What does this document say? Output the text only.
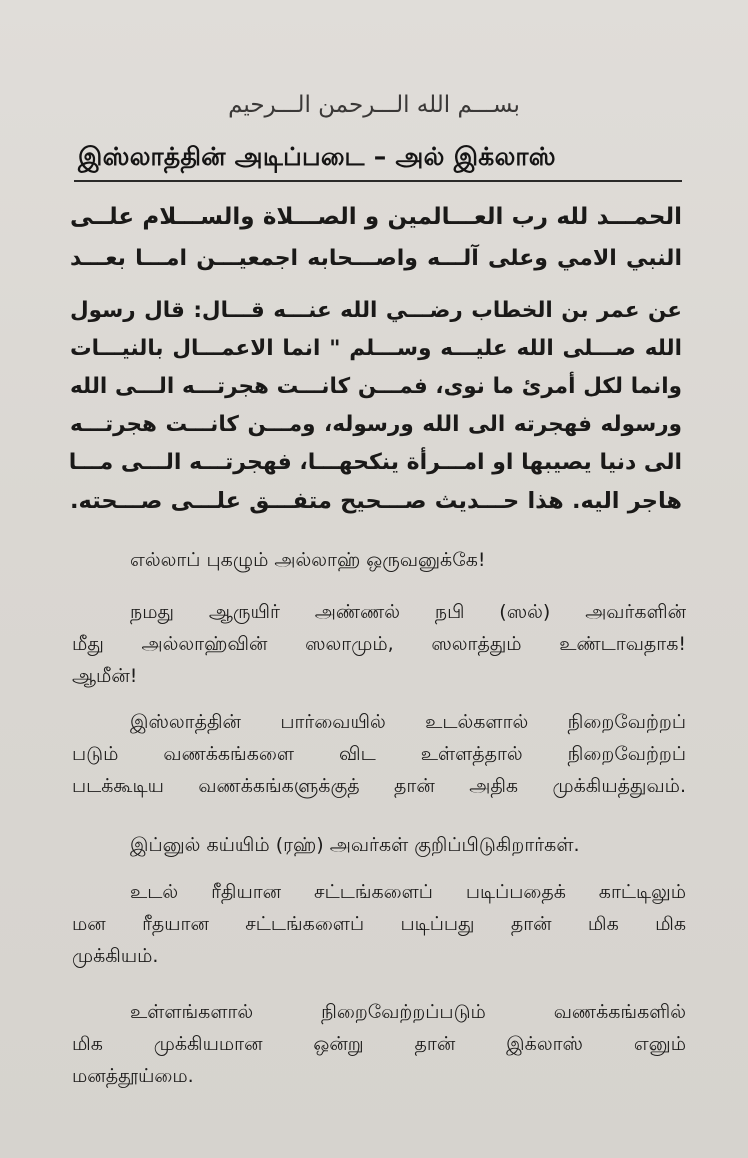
بســـم الله الـــرحمن الـــرحيم
இஸ்லாத்தின் அடிப்படை – அல் இக்லாஸ்
الحمـــد لله رب العـــالمين و الصـــلاة والســـلام علــى
النبي الامي وعلى آلـــه واصـــحابه اجمعيـــن امـــا بعـــد
عن عمر بن الخطاب رضـــي الله عنـــه قـــال: قال رسول
الله صـــلى الله عليـــه وســـلم " انما الاعمـــال بالنيـــات
وانما لكل أمرئ ما نوى، فمـــن كانـــت هجرتـــه الـــى الله
ورسوله فهجرته الى الله ورسوله، ومـــن كانـــت هجرتـــه
الى دنيا يصيبها او امـــرأة ينكحهـــا، فهجرتـــه الـــى مـــا
هاجر اليه. هذا حـــديث صـــحيح متفـــق علـــى صـــحته.
எல்லாப் புகழும் அல்லாஹ் ஒருவனுக்கே!
நமது ஆருயிர் அண்ணல் நபி (ஸல்) அவர்களின்
மீது அல்லாஹ்வின் ஸலாமும், ஸலாத்தும் உண்டாவதாக!
ஆமீன்!
இஸ்லாத்தின் பார்வையில் உடல்களால் நிறைவேற்றப்
படும் வணக்கங்களை விட உள்ளத்தால் நிறைவேற்றப்
படக்கூடிய வணக்கங்களுக்குத் தான் அதிக முக்கியத்துவம்.
இப்னுல் கய்யிம் (ரஹ்) அவர்கள் குறிப்பிடுகிறார்கள்.
உடல் ரீதியான சட்டங்களைப் படிப்பதைக் காட்டிலும்
மன ரீதயான சட்டங்களைப் படிப்பது தான் மிக மிக
முக்கியம்.
உள்ளங்களால் நிறைவேற்றப்படும் வணக்கங்களில்
மிக முக்கியமான ஒன்று தான் இக்லாஸ் எனும்
மனத்தூய்மை.
